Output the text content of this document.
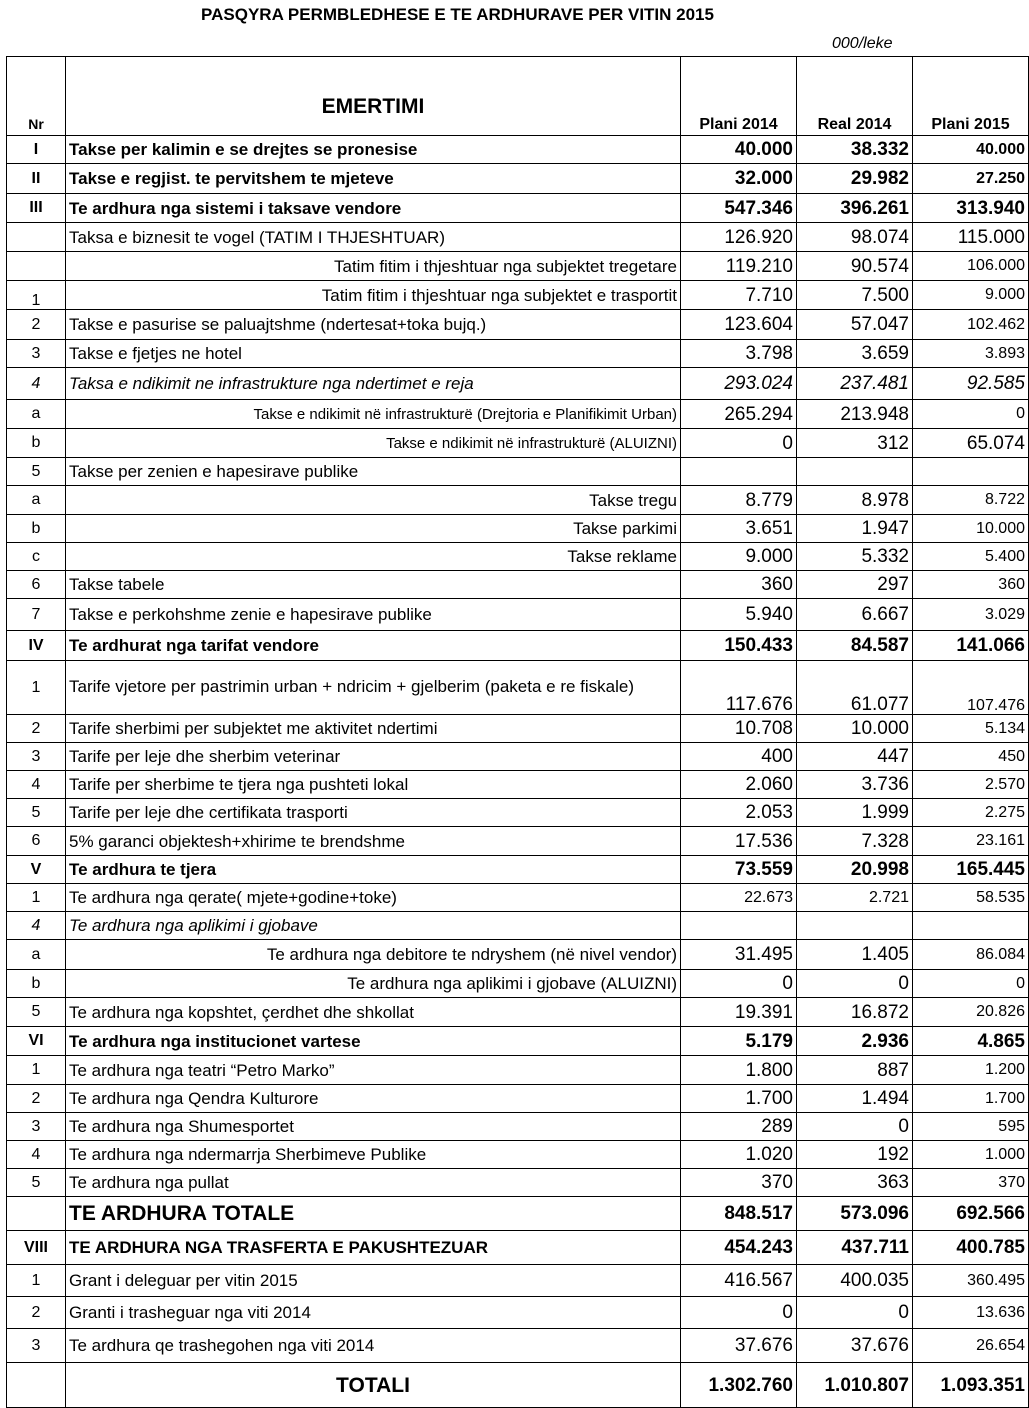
PASQYRA PERMBLEDHESE E TE ARDHURAVE PER VITIN 2015
000/leke
Nr	EMERTIMI	Plani 2014	Real 2014	Plani 2015
I	Takse per kalimin e se drejtes se pronesise	40.000	38.332	40.000
II	Takse e regjist. te pervitshem te mjeteve	32.000	29.982	27.250
III	Te ardhura nga sistemi i taksave vendore	547.346	396.261	313.940
	Taksa e biznesit te vogel (TATIM I THJESHTUAR)	126.920	98.074	115.000
	Tatim fitim i thjeshtuar nga subjektet tregetare	119.210	90.574	106.000
1	Tatim fitim i thjeshtuar nga subjektet e trasportit	7.710	7.500	9.000
2	Takse e pasurise se paluajtshme (ndertesat+toka bujq.)	123.604	57.047	102.462
3	Takse e fjetjes ne hotel	3.798	3.659	3.893
4	Taksa e ndikimit ne infrastrukture nga ndertimet e reja	293.024	237.481	92.585
a	Takse e ndikimit në infrastrukturë (Drejtoria e Planifikimit Urban)	265.294	213.948	0
b	Takse e ndikimit në infrastrukturë (ALUIZNI)	0	312	65.074
5	Takse per zenien e hapesirave publike			
a	Takse tregu	8.779	8.978	8.722
b	Takse parkimi	3.651	1.947	10.000
c	Takse reklame	9.000	5.332	5.400
6	Takse tabele	360	297	360
7	Takse e perkohshme zenie e hapesirave publike	5.940	6.667	3.029
IV	Te ardhurat nga tarifat vendore	150.433	84.587	141.066
1	Tarife vjetore per pastrimin urban + ndricim + gjelberim (paketa e re fiskale)	117.676	61.077	107.476
2	Tarife sherbimi per subjektet me aktivitet ndertimi	10.708	10.000	5.134
3	Tarife per leje dhe sherbim veterinar	400	447	450
4	Tarife per sherbime te tjera nga pushteti lokal	2.060	3.736	2.570
5	Tarife per leje dhe certifikata trasporti	2.053	1.999	2.275
6	5% garanci objektesh+xhirime te brendshme	17.536	7.328	23.161
V	Te ardhura te tjera	73.559	20.998	165.445
1	Te ardhura nga qerate( mjete+godine+toke)	22.673	2.721	58.535
4	Te ardhura nga aplikimi i gjobave			
a	Te ardhura nga debitore te ndryshem (në nivel vendor)	31.495	1.405	86.084
b	Te ardhura nga aplikimi i gjobave (ALUIZNI)	0	0	0
5	Te ardhura nga kopshtet, çerdhet dhe shkollat	19.391	16.872	20.826
VI	Te ardhura nga institucionet vartese	5.179	2.936	4.865
1	Te ardhura nga teatri “Petro Marko”	1.800	887	1.200
2	Te ardhura nga Qendra Kulturore	1.700	1.494	1.700
3	Te ardhura nga Shumesportet	289	0	595
4	Te ardhura nga ndermarrja Sherbimeve Publike	1.020	192	1.000
5	Te ardhura nga pullat	370	363	370
	TE ARDHURA TOTALE	848.517	573.096	692.566
VIII	TE ARDHURA NGA TRASFERTA E PAKUSHTEZUAR	454.243	437.711	400.785
1	Grant i deleguar per vitin 2015	416.567	400.035	360.495
2	Granti i trasheguar nga viti 2014	0	0	13.636
3	Te ardhura qe trashegohen nga viti 2014	37.676	37.676	26.654
	TOTALI	1.302.760	1.010.807	1.093.351
